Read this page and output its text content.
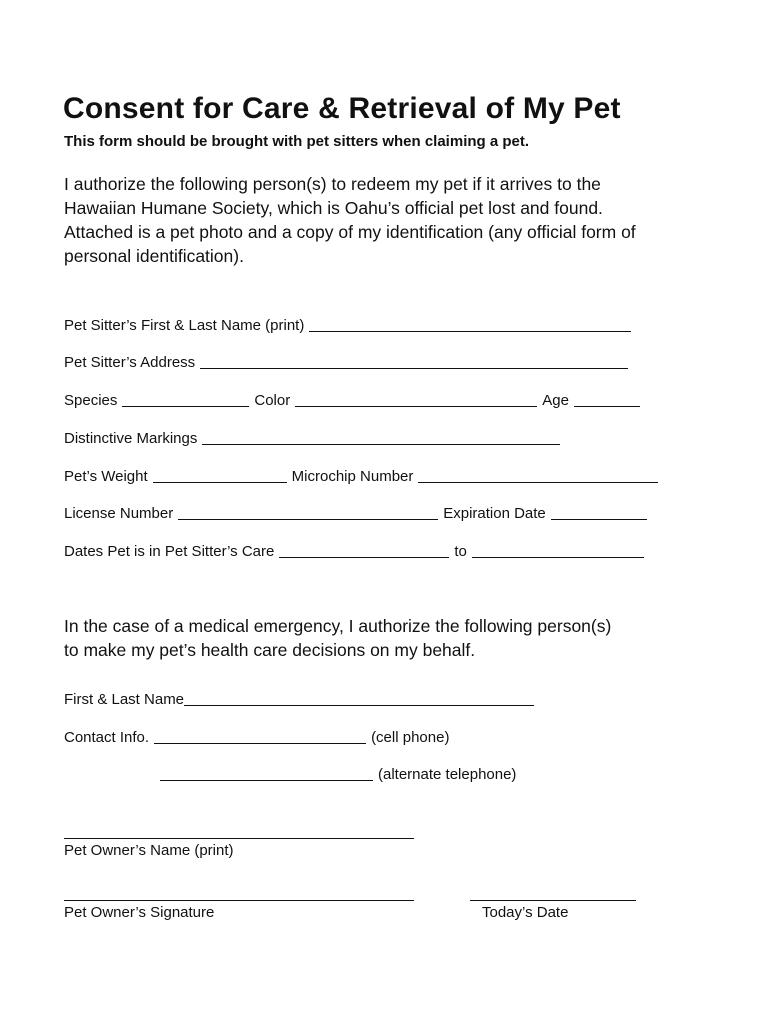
Consent for Care & Retrieval of My Pet
This form should be brought with pet sitters when claiming a pet.
I authorize the following person(s) to redeem my pet if it arrives to the
Hawaiian Humane Society, which is Oahu’s official pet lost and found.
Attached is a pet photo and a copy of my identification (any official form of
personal identification).
Pet Sitter’s First & Last Name (print)
Pet Sitter’s Address
Species	Color	Age
Distinctive Markings
Pet’s Weight	Microchip Number
License Number	Expiration Date
Dates Pet is in Pet Sitter’s Care	to
In the case of a medical emergency, I authorize the following person(s)
to make my pet’s health care decisions on my behalf.
First & Last Name
Contact Info.	(cell phone)
(alternate telephone)
Pet Owner’s Name (print)
Pet Owner’s Signature	Today’s Date
